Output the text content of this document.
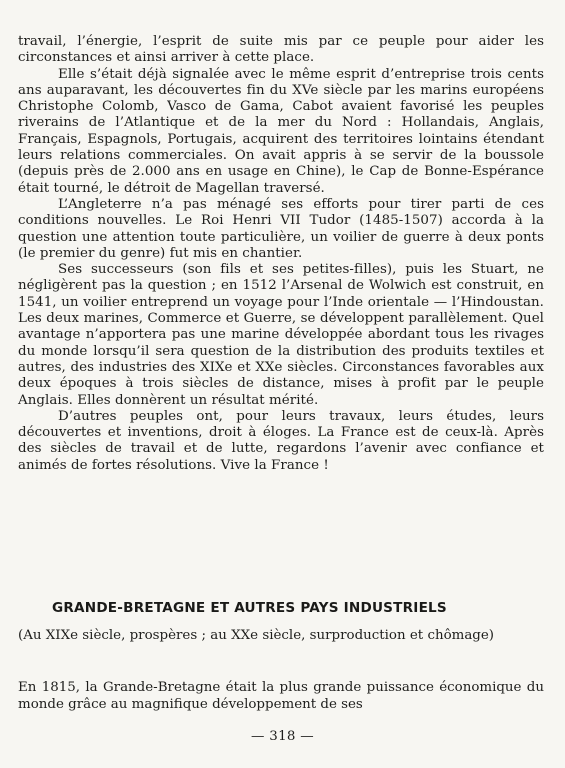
travail, l’énergie, l’esprit de suite mis par ce peuple pour aider les circonstances et ainsi arriver à cette place.

Elle s’était déjà signalée avec le même esprit d’entreprise trois cents ans auparavant, les découvertes fin du XVe siècle par les marins européens Christophe Colomb, Vasco de Gama, Cabot avaient favorisé les peuples riverains de l’Atlantique et de la mer du Nord : Hollandais, Anglais, Français, Espagnols, Portugais, acquirent des territoires lointains étendant leurs relations commerciales. On avait appris à se servir de la boussole (depuis près de 2.000 ans en usage en Chine), le Cap de Bonne-Espérance était tourné, le détroit de Magellan traversé.

L’Angleterre n’a pas ménagé ses efforts pour tirer parti de ces conditions nouvelles. Le Roi Henri VII Tudor (1485-1507) accorda à la question une attention toute particulière, un voilier de guerre à deux ponts (le premier du genre) fut mis en chantier.

Ses successeurs (son fils et ses petites-filles), puis les Stuart, ne négligèrent pas la question ; en 1512 l’Arsenal de Wolwich est construit, en 1541, un voilier entreprend un voyage pour l’Inde orientale — l’Hindoustan. Les deux marines, Commerce et Guerre, se développent parallèlement. Quel avantage n’apportera pas une marine développée abordant tous les rivages du monde lorsqu’il sera question de la distribution des produits textiles et autres, des industries des XIXe et XXe siècles. Circonstances favorables aux deux époques à trois siècles de distance, mises à profit par le peuple Anglais. Elles donnèrent un résultat mérité.

D’autres peuples ont, pour leurs travaux, leurs études, leurs découvertes et inventions, droit à éloges. La France est de ceux-là. Après des siècles de travail et de lutte, regardons l’avenir avec confiance et animés de fortes résolutions. Vive la France !

GRANDE-BRETAGNE ET AUTRES PAYS INDUSTRIELS
(Au XIXe siècle, prospères ; au XXe siècle, surproduction et chômage)

En 1815, la Grande-Bretagne était la plus grande puissance économique du monde grâce au magnifique développement de ses

— 318 —
